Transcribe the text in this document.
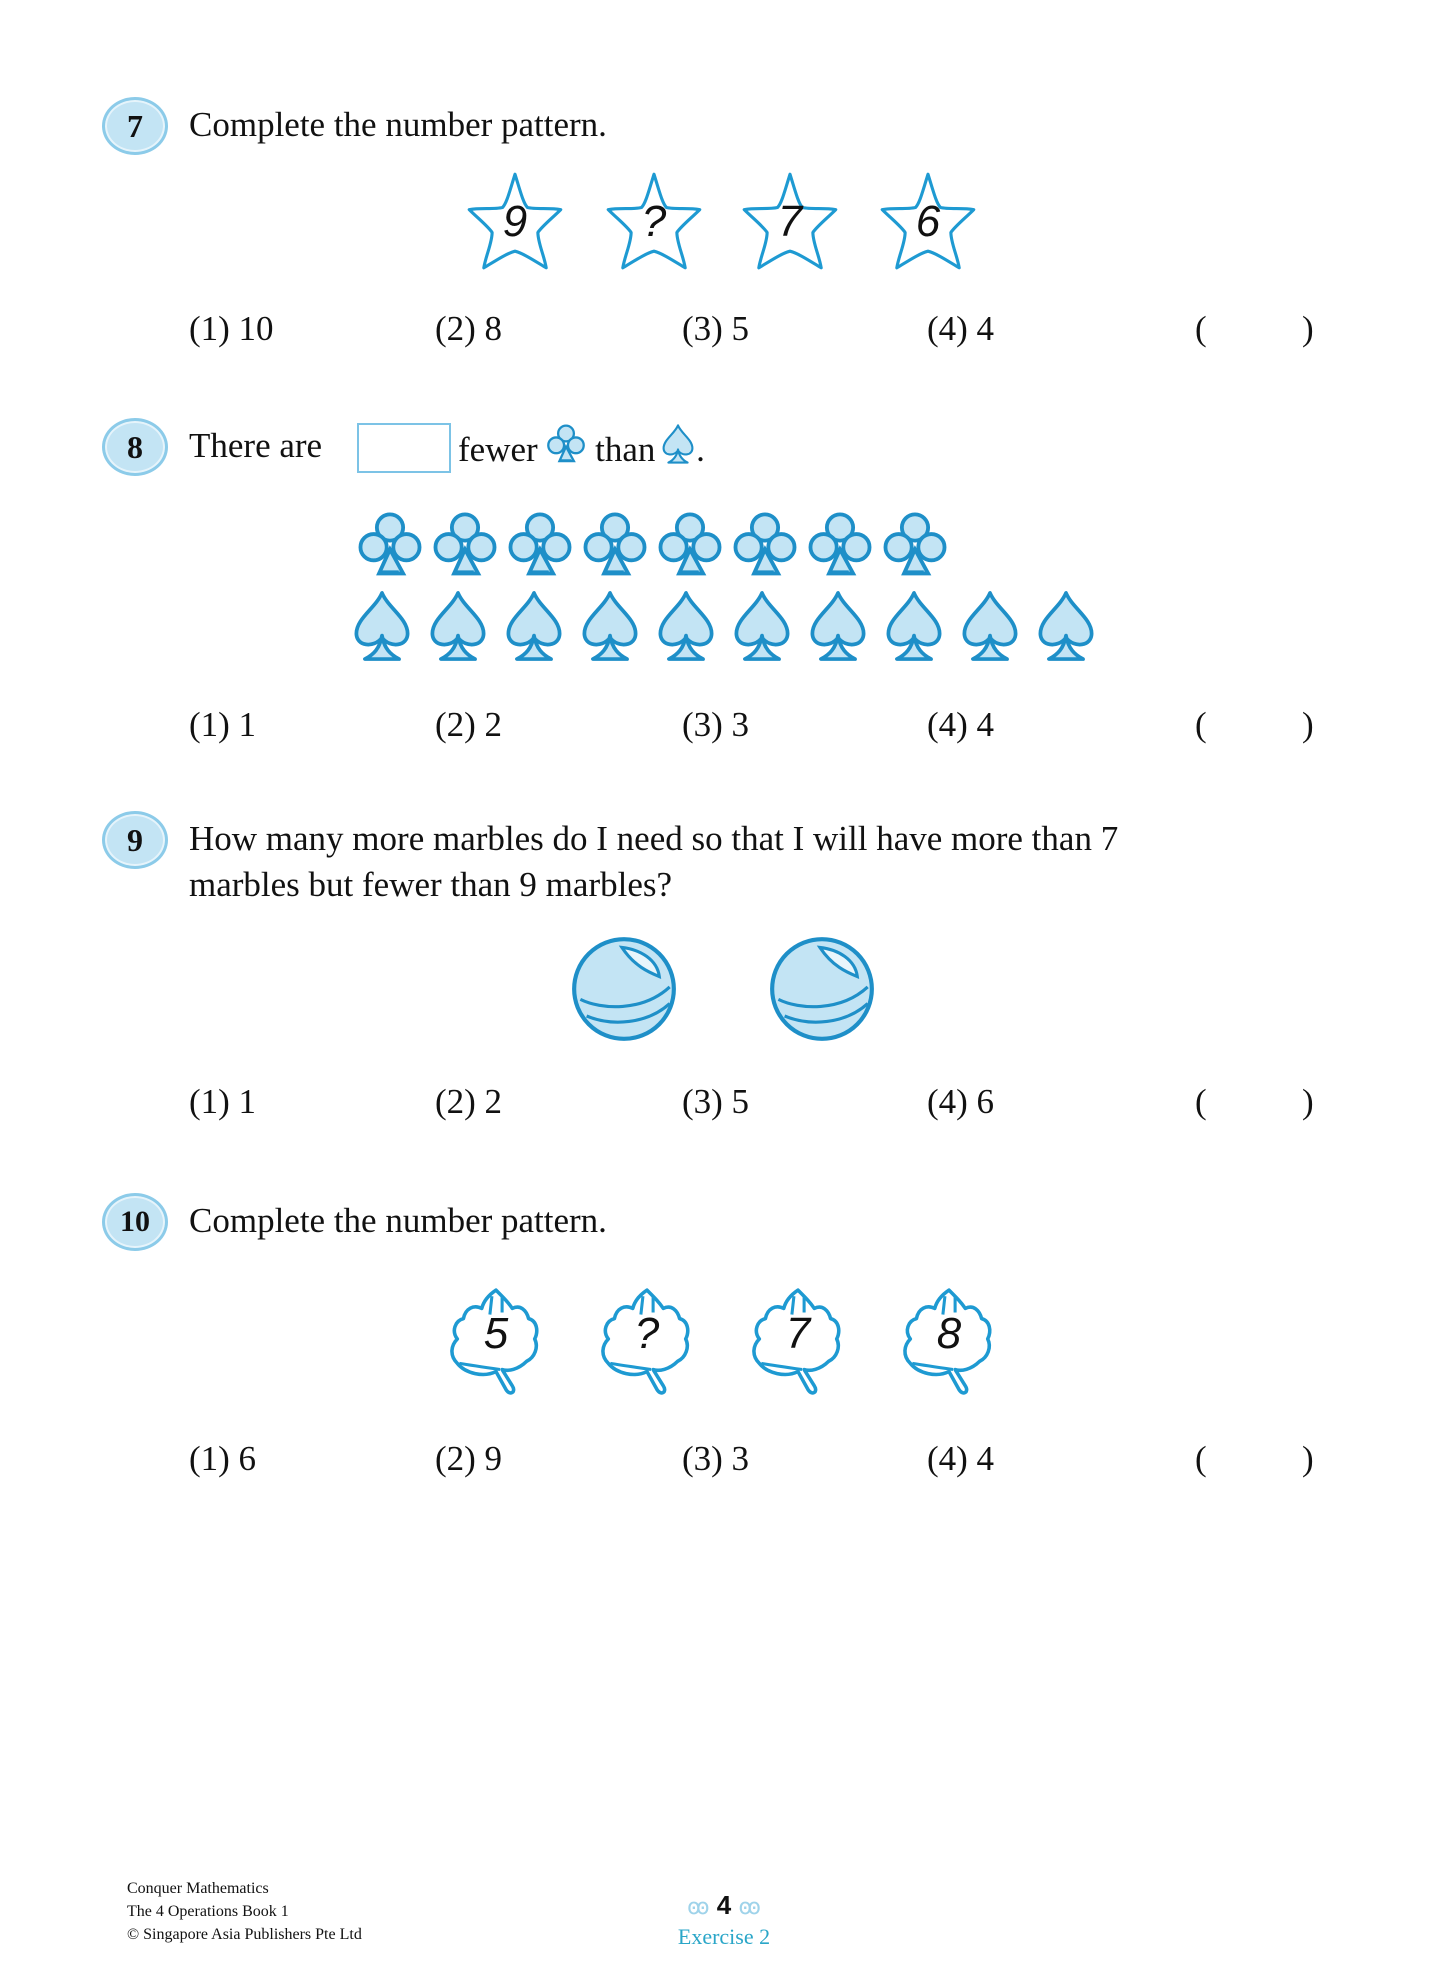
7	Complete the number pattern.
9	?	7	6
(1) 10	(2) 8	(3) 5	(4) 4	(	)
8	There are	fewer than .
(1) 1	(2) 2	(3) 3	(4) 4	(	)
9	How many more marbles do I need so that I will have more than 7
marbles but fewer than 9 marbles?
(1) 1	(2) 2	(3) 5	(4) 6	(	)
10	Complete the number pattern.
5	?	7	8
(1) 6	(2) 9	(3) 3	(4) 4	(	)
Conquer Mathematics
The 4 Operations Book 1
© Singapore Asia Publishers Pte Ltd
ꙭ 4 ꙭ
Exercise 2
